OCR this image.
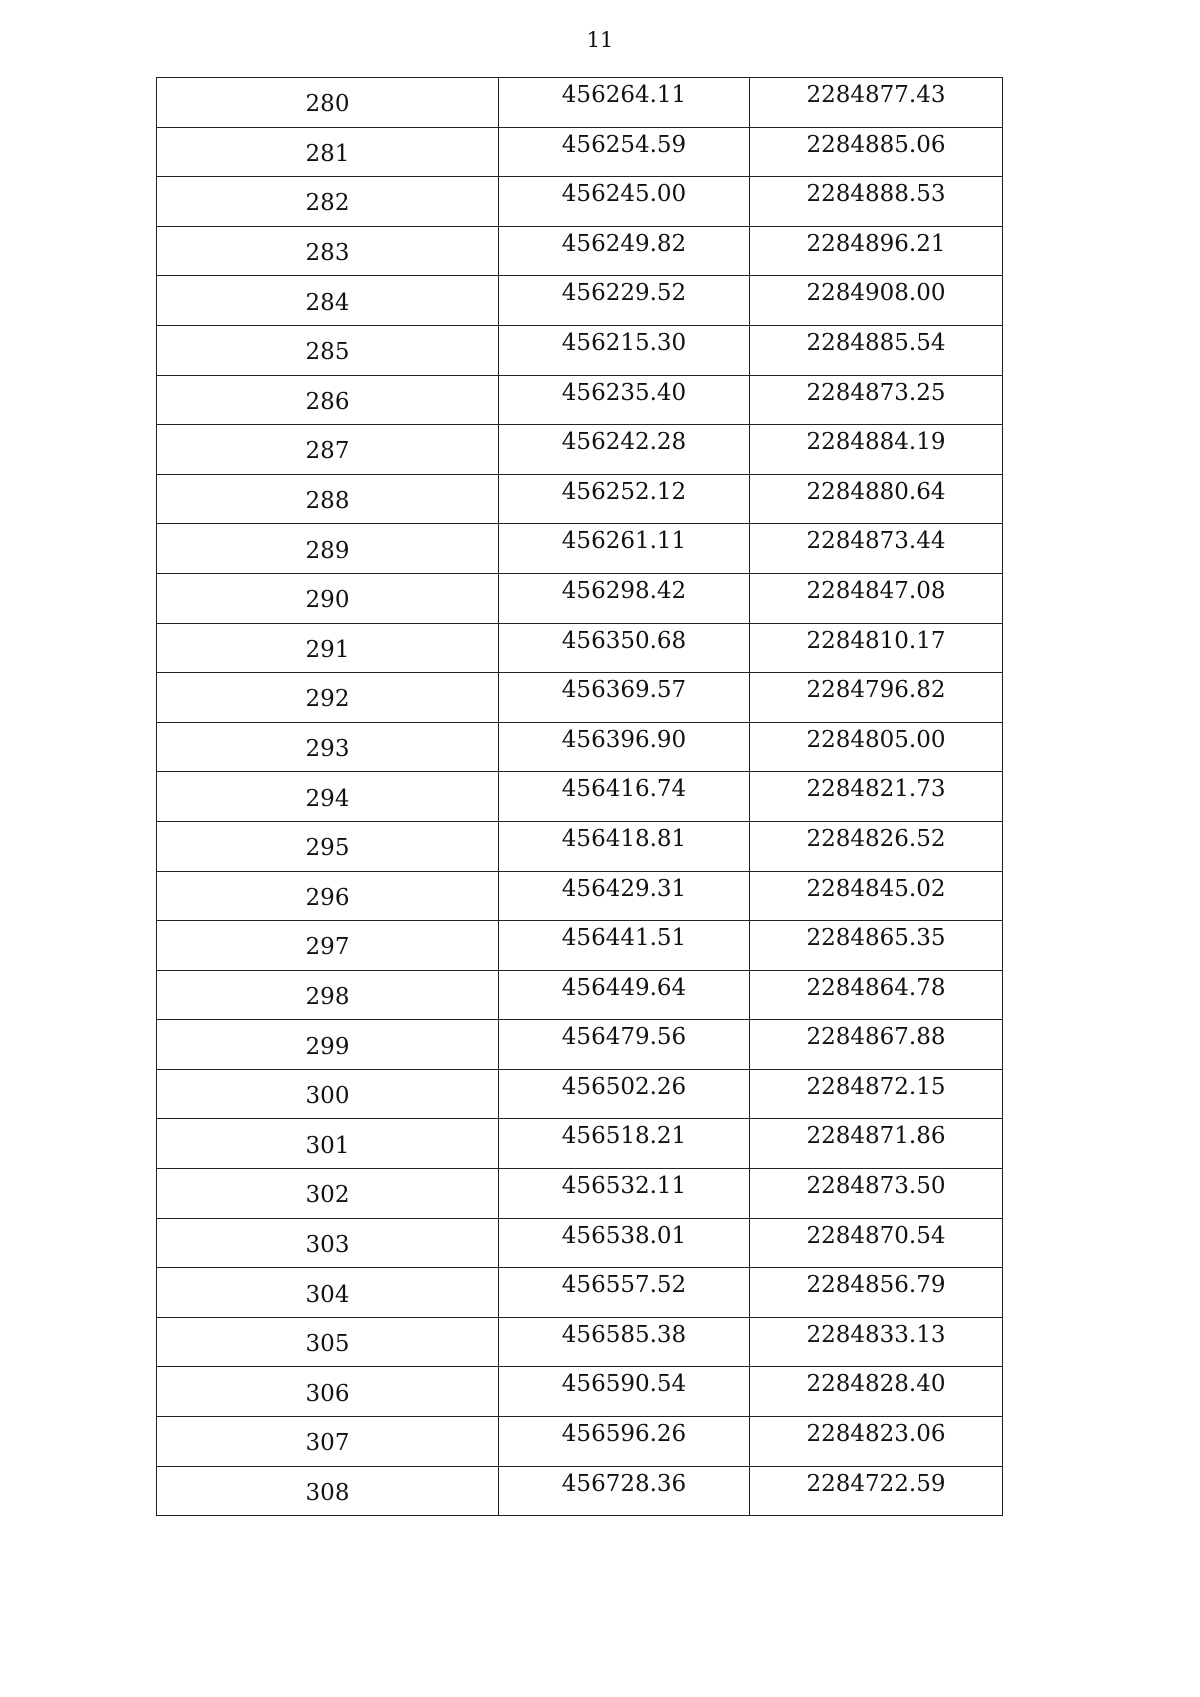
11
280	456264.11	2284877.43
281	456254.59	2284885.06
282	456245.00	2284888.53
283	456249.82	2284896.21
284	456229.52	2284908.00
285	456215.30	2284885.54
286	456235.40	2284873.25
287	456242.28	2284884.19
288	456252.12	2284880.64
289	456261.11	2284873.44
290	456298.42	2284847.08
291	456350.68	2284810.17
292	456369.57	2284796.82
293	456396.90	2284805.00
294	456416.74	2284821.73
295	456418.81	2284826.52
296	456429.31	2284845.02
297	456441.51	2284865.35
298	456449.64	2284864.78
299	456479.56	2284867.88
300	456502.26	2284872.15
301	456518.21	2284871.86
302	456532.11	2284873.50
303	456538.01	2284870.54
304	456557.52	2284856.79
305	456585.38	2284833.13
306	456590.54	2284828.40
307	456596.26	2284823.06
308	456728.36	2284722.59
